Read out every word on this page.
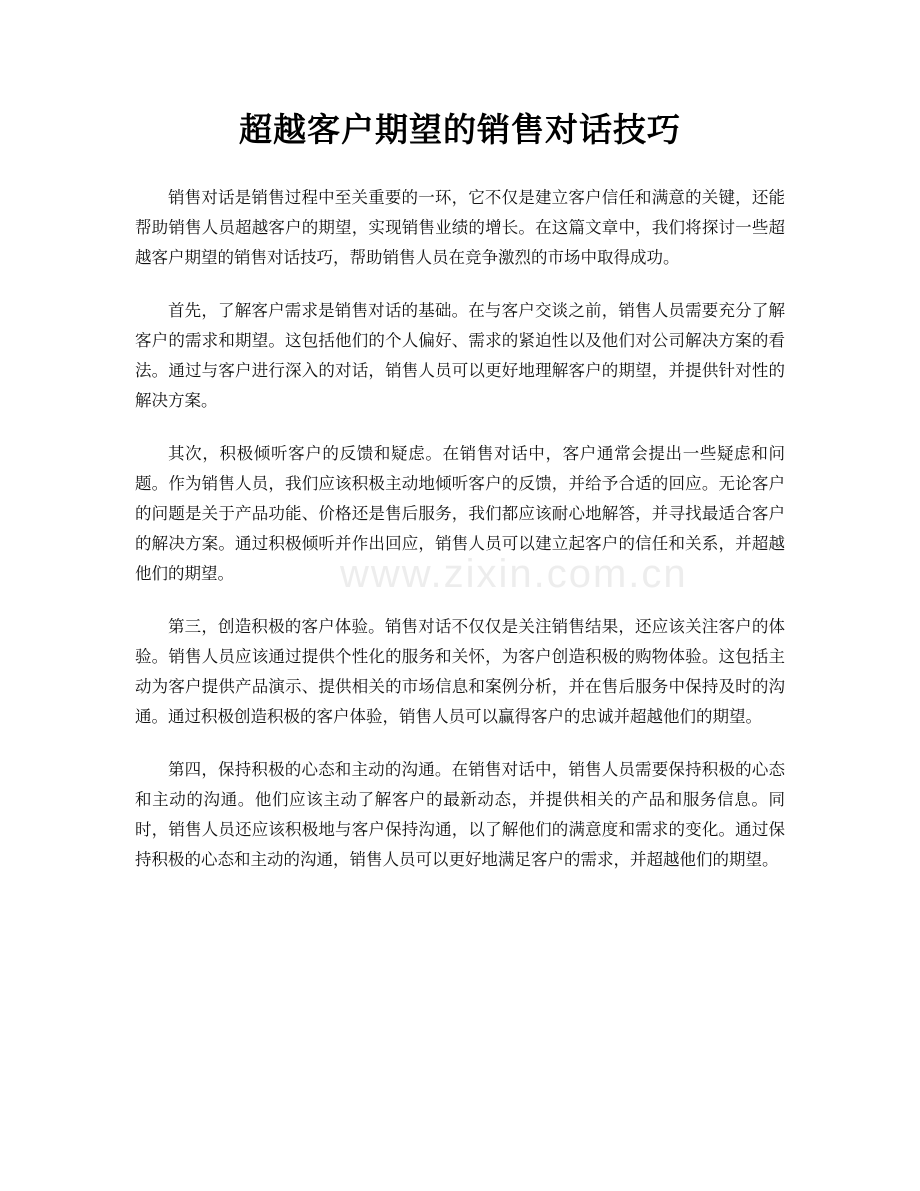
超越客户期望的销售对话技巧

销售对话是销售过程中至关重要的一环，它不仅是建立客户信任和满意的关键，还能帮助销售人员超越客户的期望，实现销售业绩的增长。在这篇文章中，我们将探讨一些超越客户期望的销售对话技巧，帮助销售人员在竞争激烈的市场中取得成功。

首先，了解客户需求是销售对话的基础。在与客户交谈之前，销售人员需要充分了解客户的需求和期望。这包括他们的个人偏好、需求的紧迫性以及他们对公司解决方案的看法。通过与客户进行深入的对话，销售人员可以更好地理解客户的期望，并提供针对性的解决方案。

其次，积极倾听客户的反馈和疑虑。在销售对话中，客户通常会提出一些疑虑和问题。作为销售人员，我们应该积极主动地倾听客户的反馈，并给予合适的回应。无论客户的问题是关于产品功能、价格还是售后服务，我们都应该耐心地解答，并寻找最适合客户的解决方案。通过积极倾听并作出回应，销售人员可以建立起客户的信任和关系，并超越他们的期望。

第三，创造积极的客户体验。销售对话不仅仅是关注销售结果，还应该关注客户的体验。销售人员应该通过提供个性化的服务和关怀，为客户创造积极的购物体验。这包括主动为客户提供产品演示、提供相关的市场信息和案例分析，并在售后服务中保持及时的沟通。通过积极创造积极的客户体验，销售人员可以赢得客户的忠诚并超越他们的期望。

第四，保持积极的心态和主动的沟通。在销售对话中，销售人员需要保持积极的心态和主动的沟通。他们应该主动了解客户的最新动态，并提供相关的产品和服务信息。同时，销售人员还应该积极地与客户保持沟通，以了解他们的满意度和需求的变化。通过保持积极的心态和主动的沟通，销售人员可以更好地满足客户的需求，并超越他们的期望。

www.zixin.com.cn
